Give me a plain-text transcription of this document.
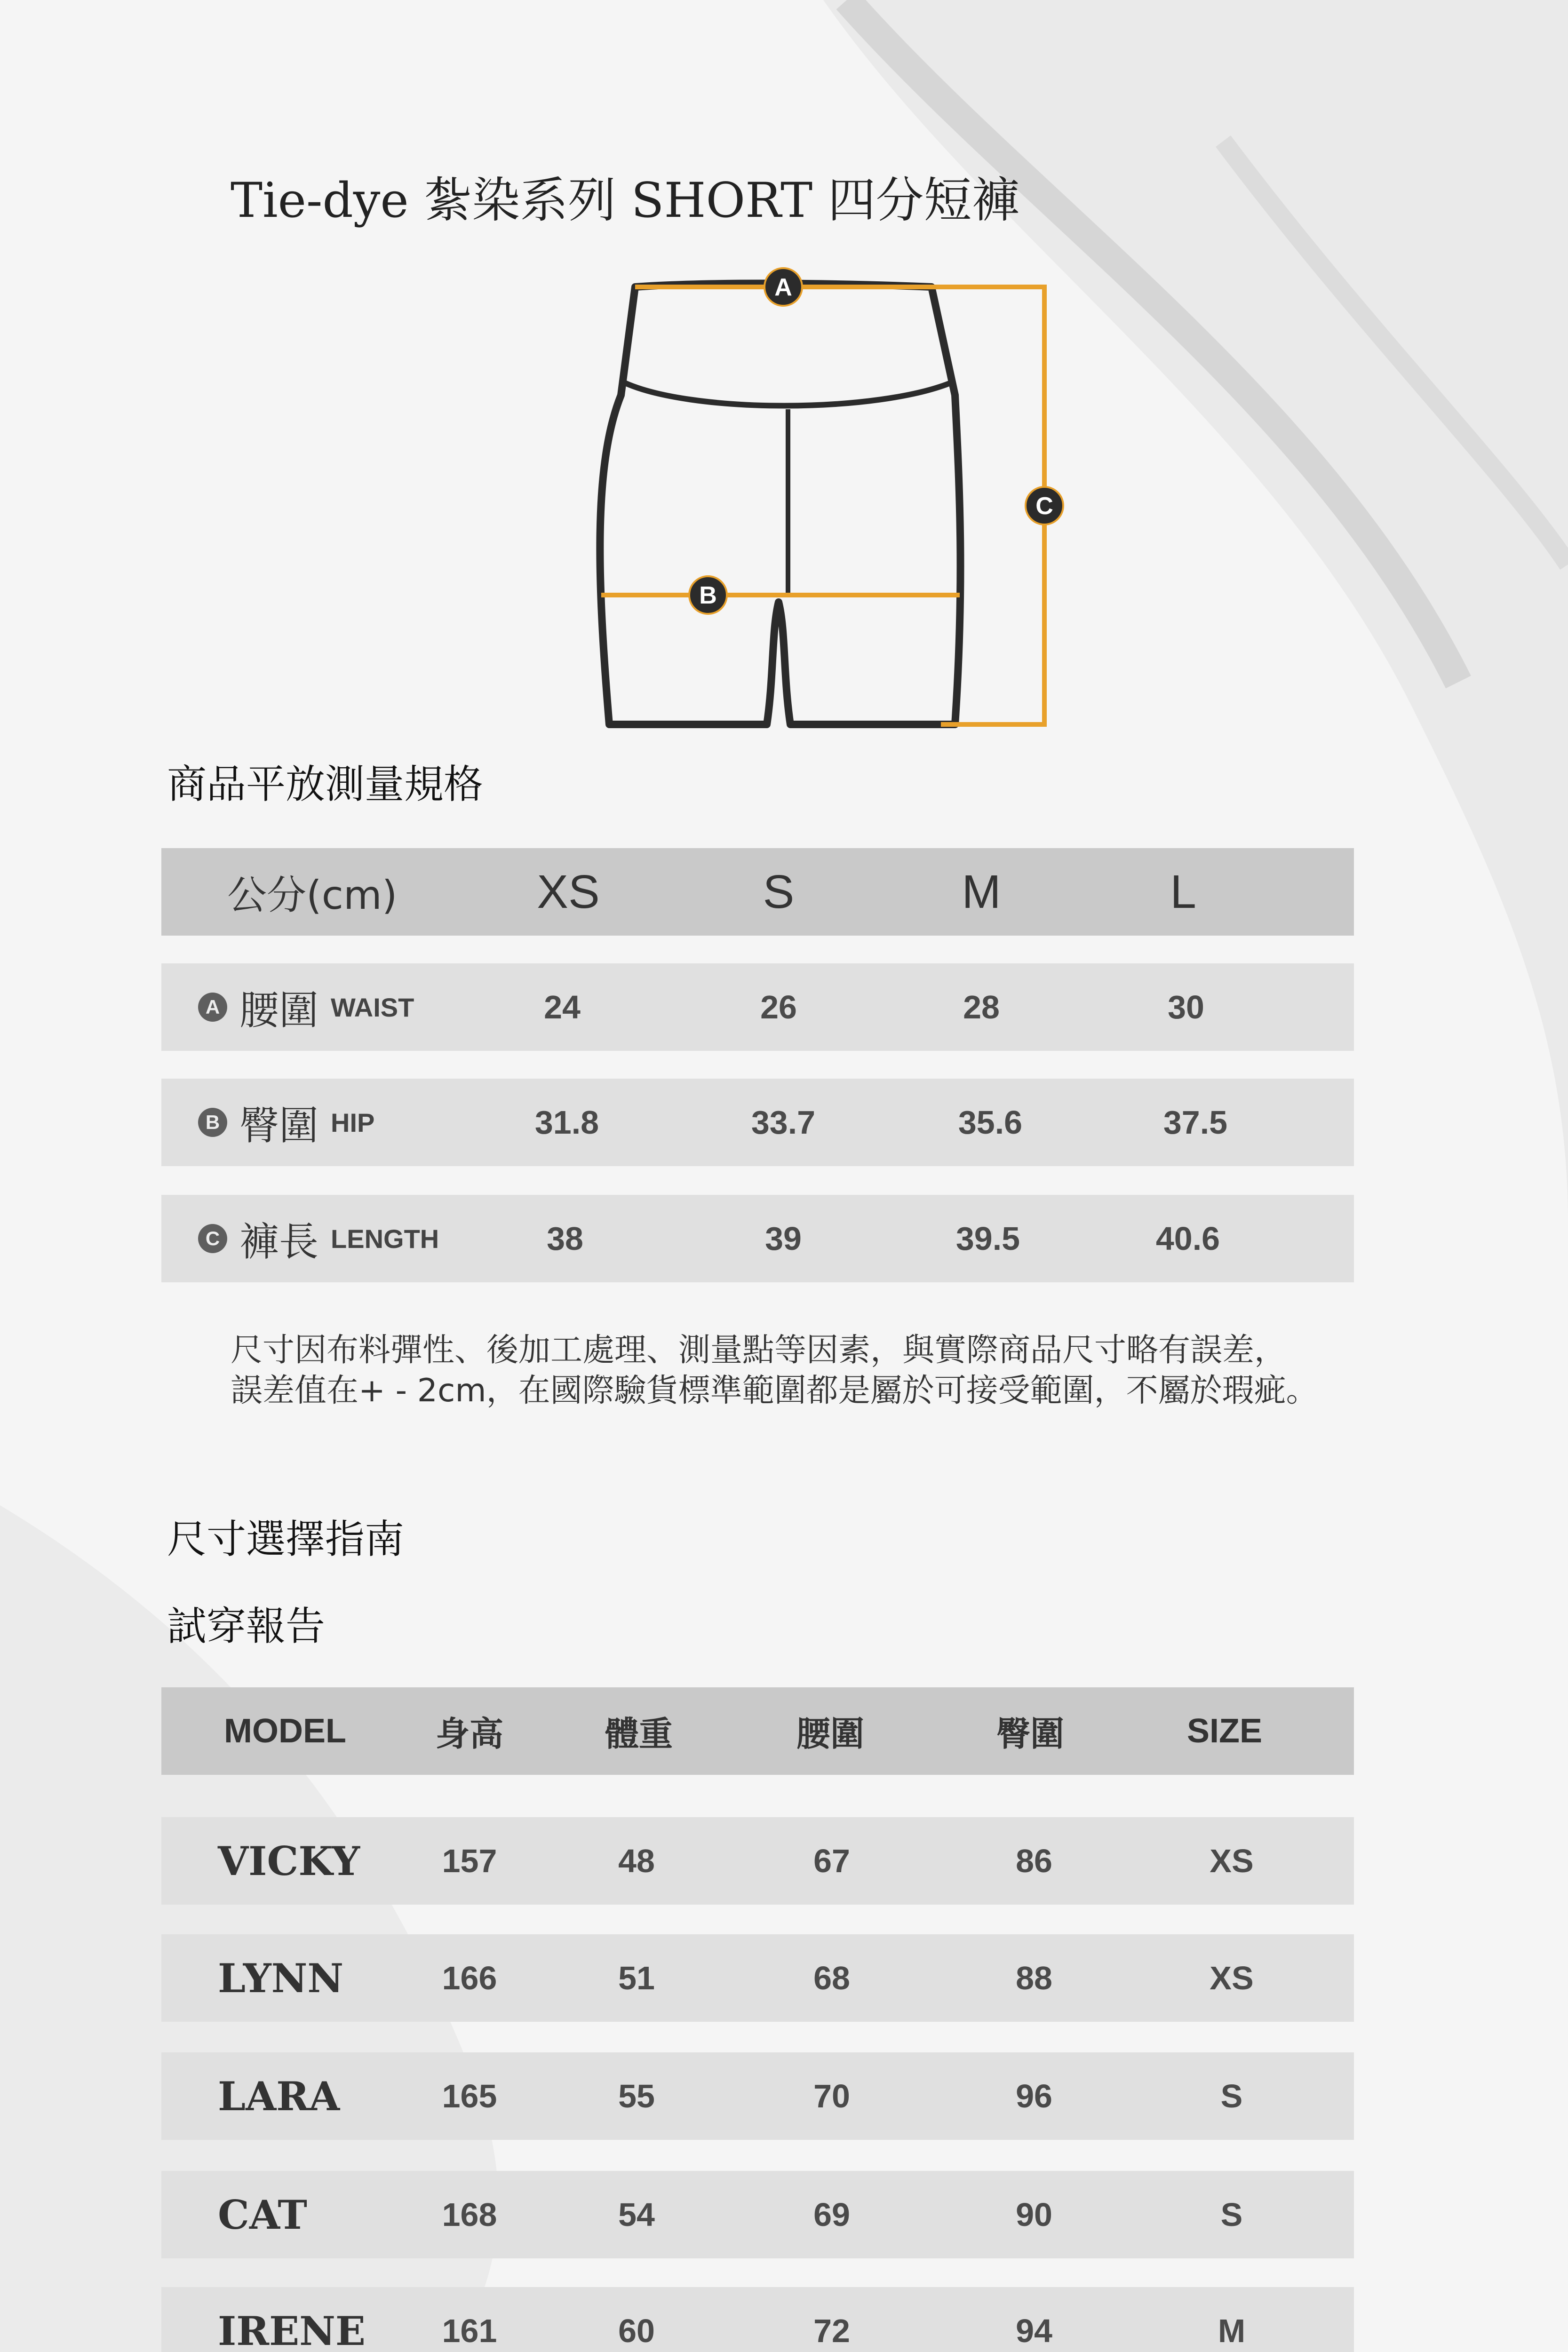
Tie-dye 紮染系列 SHORT 四分短褲
A
B
C
商品平放測量規格
公分(cm)	XS	S	M	L
A 腰圍 WAIST	24	26	28	30
B 臀圍 HIP	31.8	33.7	35.6	37.5
C 褲長 LENGTH	38	39	39.5	40.6
尺寸因布料彈性、後加工處理、測量點等因素，與實際商品尺寸略有誤差，
誤差值在+ - 2cm，在國際驗貨標準範圍都是屬於可接受範圍，不屬於瑕疵。
尺寸選擇指南
試穿報告
MODEL	身高	體重	腰圍	臀圍	SIZE
VICKY 157	48	67	86	XS
LYNN	166	51	68	88	XS
LARA	165	55	70	96	S
CAT	168	54	69	90	S
IRENE 161	60	72	94	M
